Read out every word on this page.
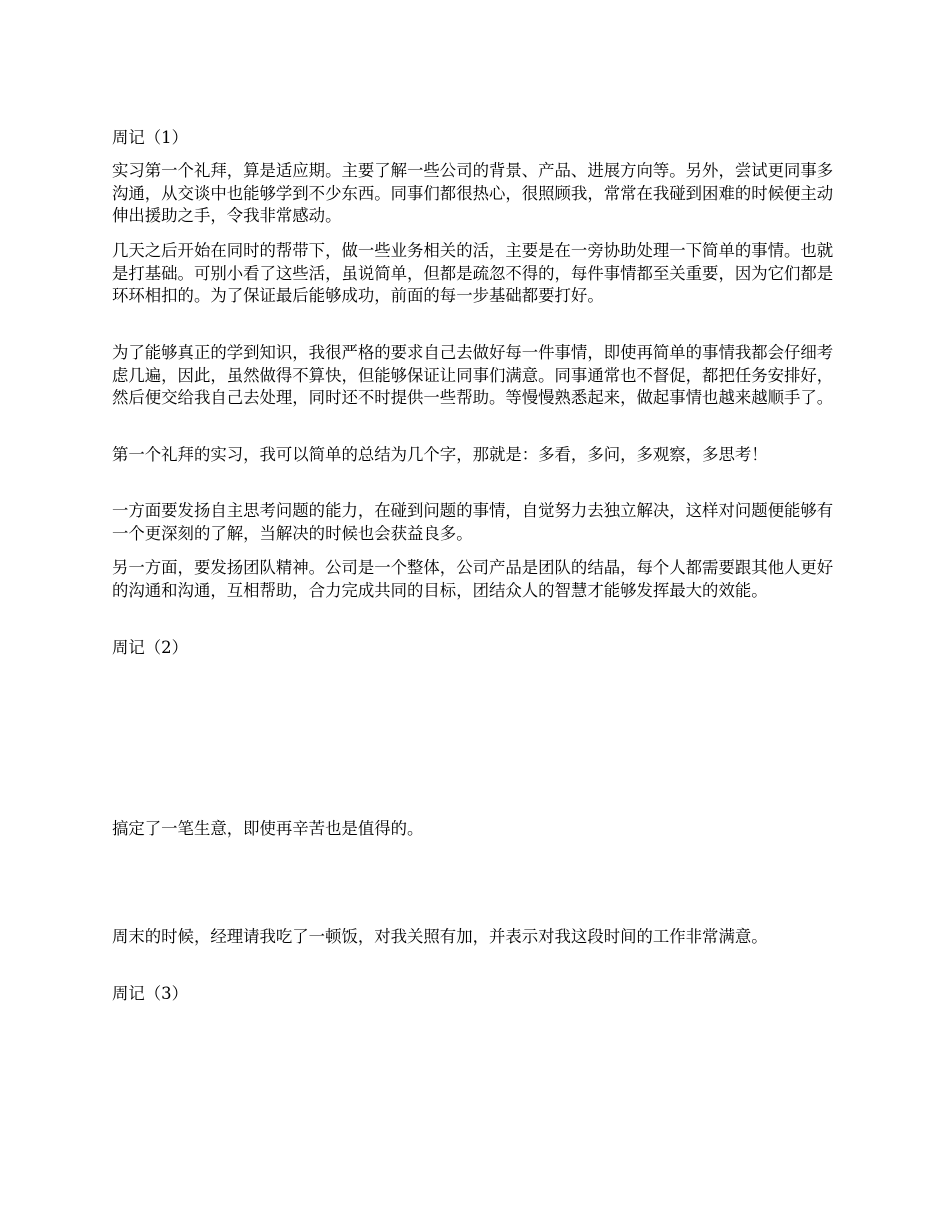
周记（1）

实习第一个礼拜，算是适应期。主要了解一些公司的背景、产品、进展方向等。另外，尝试更同事多沟通，从交谈中也能够学到不少东西。同事们都很热心，很照顾我，常常在我碰到困难的时候便主动伸出援助之手，令我非常感动。

几天之后开始在同时的帮带下，做一些业务相关的活，主要是在一旁协助处理一下简单的事情。也就是打基础。可别小看了这些活，虽说简单，但都是疏忽不得的，每件事情都至关重要，因为它们都是环环相扣的。为了保证最后能够成功，前面的每一步基础都要打好。

为了能够真正的学到知识，我很严格的要求自己去做好每一件事情，即使再简单的事情我都会仔细考虑几遍，因此，虽然做得不算快，但能够保证让同事们满意。同事通常也不督促，都把任务安排好，然后便交给我自己去处理，同时还不时提供一些帮助。等慢慢熟悉起来，做起事情也越来越顺手了。

第一个礼拜的实习，我可以简单的总结为几个字，那就是：多看，多问，多观察，多思考！

一方面要发扬自主思考问题的能力，在碰到问题的事情，自觉努力去独立解决，这样对问题便能够有一个更深刻的了解，当解决的时候也会获益良多。

另一方面，要发扬团队精神。公司是一个整体，公司产品是团队的结晶，每个人都需要跟其他人更好的沟通和沟通，互相帮助，合力完成共同的目标，团结众人的智慧才能够发挥最大的效能。

周记（2）

搞定了一笔生意，即使再辛苦也是值得的。

周末的时候，经理请我吃了一顿饭，对我关照有加，并表示对我这段时间的工作非常满意。

周记（3）
